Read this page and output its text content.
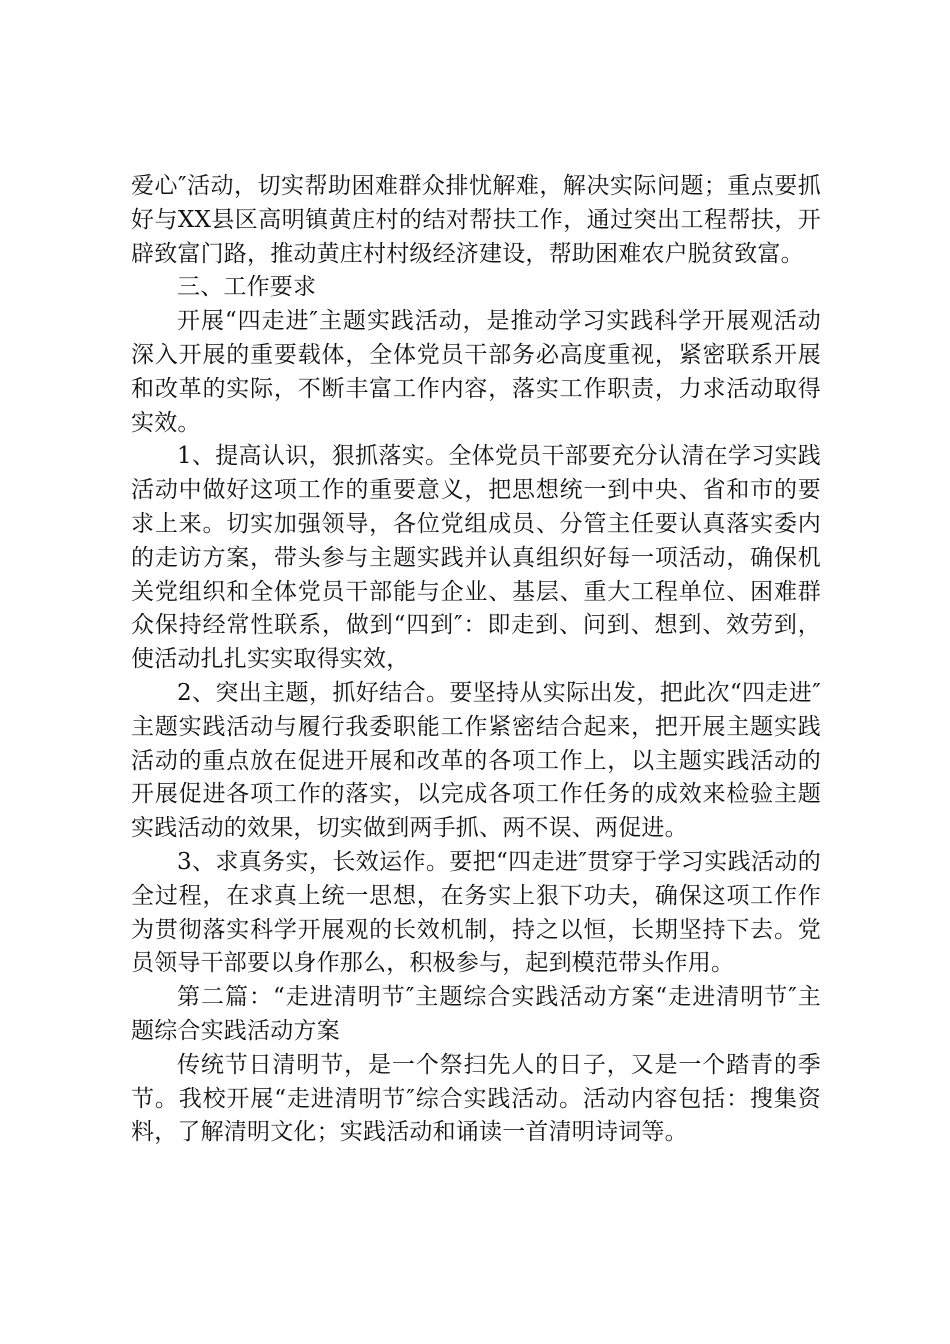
爱心″活动，切实帮助困难群众排忧解难，解决实际问题；重点要抓好与XX县区高明镇黄庄村的结对帮扶工作，通过突出工程帮扶，开辟致富门路，推动黄庄村村级经济建设，帮助困难农户脱贫致富。

三、工作要求

开展“四走进″主题实践活动，是推动学习实践科学开展观活动深入开展的重要载体，全体党员干部务必高度重视，紧密联系开展和改革的实际，不断丰富工作内容，落实工作职责，力求活动取得实效。

1、提高认识，狠抓落实。全体党员干部要充分认清在学习实践活动中做好这项工作的重要意义，把思想统一到中央、省和市的要求上来。切实加强领导，各位党组成员、分管主任要认真落实委内的走访方案，带头参与主题实践并认真组织好每一项活动，确保机关党组织和全体党员干部能与企业、基层、重大工程单位、困难群众保持经常性联系，做到“四到″：即走到、问到、想到、效劳到，使活动扎扎实实取得实效，

2、突出主题，抓好结合。要坚持从实际出发，把此次“四走进″主题实践活动与履行我委职能工作紧密结合起来，把开展主题实践活动的重点放在促进开展和改革的各项工作上，以主题实践活动的开展促进各项工作的落实，以完成各项工作任务的成效来检验主题实践活动的效果，切实做到两手抓、两不误、两促进。

3、求真务实，长效运作。要把“四走进″贯穿于学习实践活动的全过程，在求真上统一思想，在务实上狠下功夫，确保这项工作作为贯彻落实科学开展观的长效机制，持之以恒，长期坚持下去。党员领导干部要以身作那么，积极参与，起到模范带头作用。

第二篇：“走进清明节″主题综合实践活动方案“走进清明节″主题综合实践活动方案

传统节日清明节，是一个祭扫先人的日子，又是一个踏青的季节。我校开展“走进清明节″综合实践活动。活动内容包括：搜集资料，了解清明文化；实践活动和诵读一首清明诗词等。
